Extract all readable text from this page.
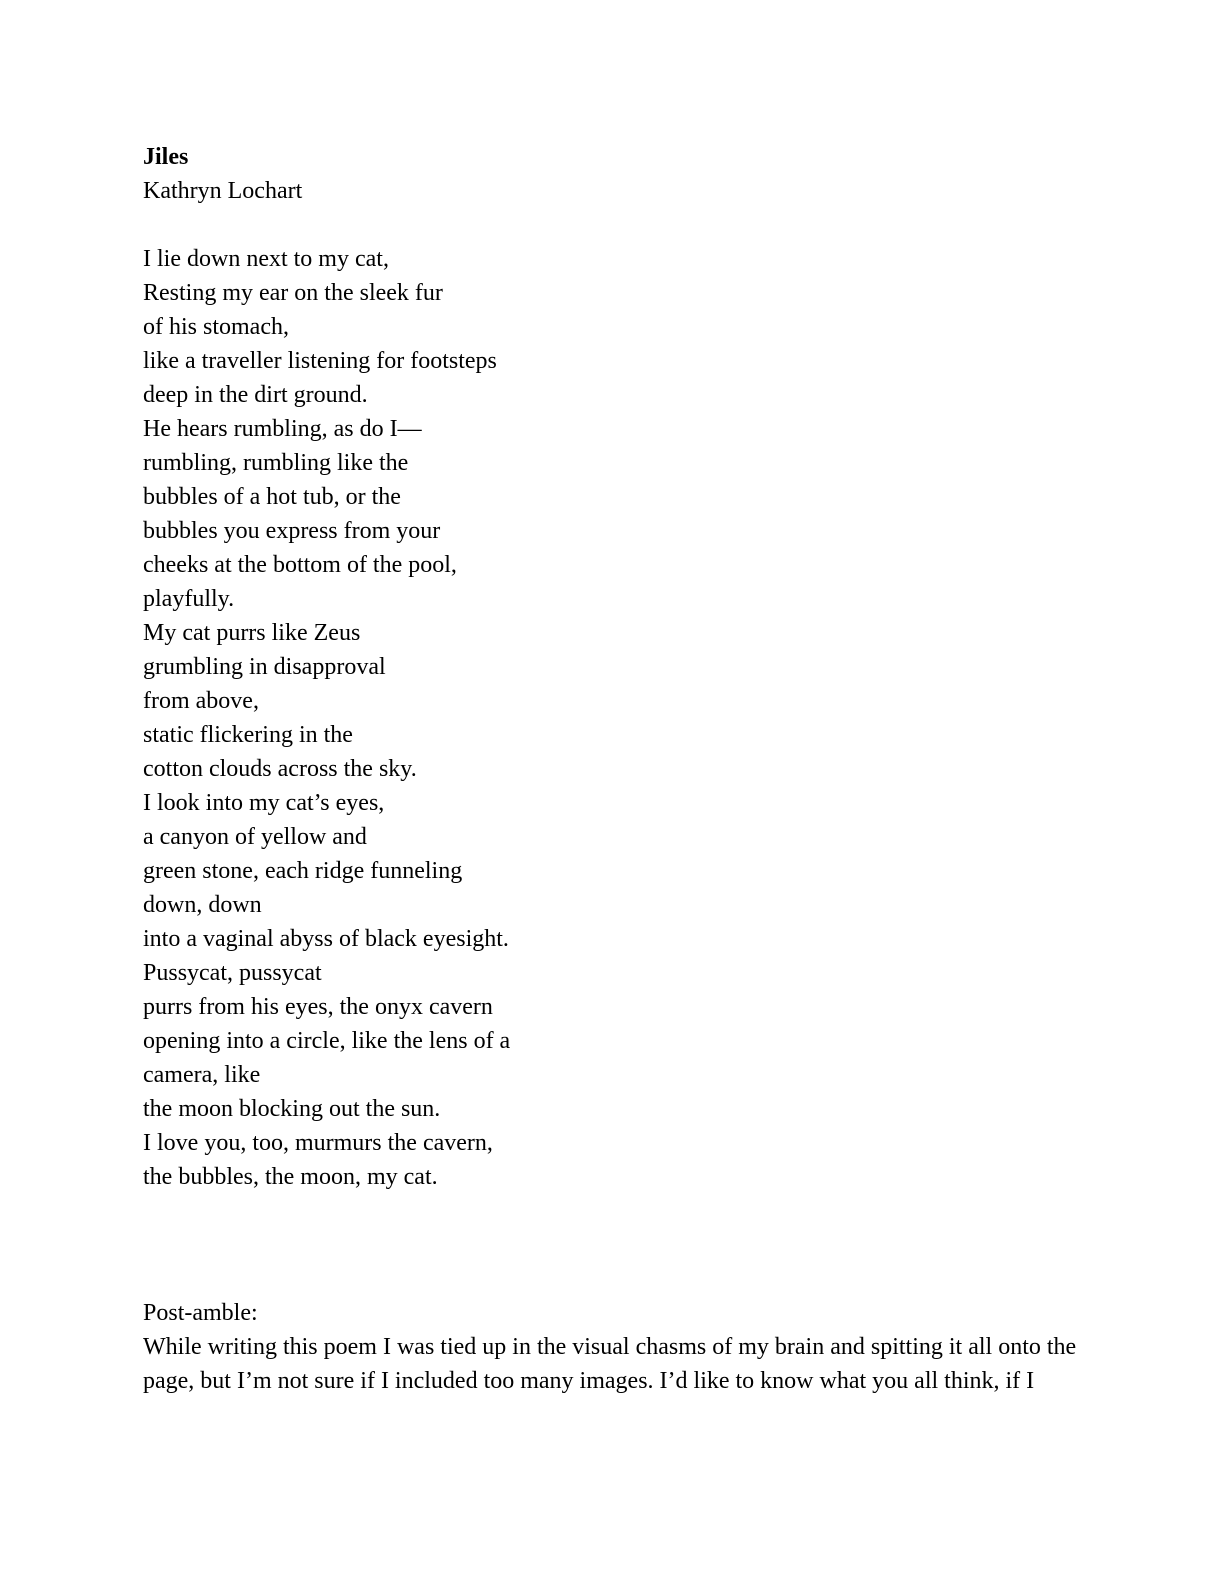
Jiles
Kathryn Lochart
I lie down next to my cat,
Resting my ear on the sleek fur
of his stomach,
like a traveller listening for footsteps
deep in the dirt ground.
He hears rumbling, as do I—
rumbling, rumbling like the
bubbles of a hot tub, or the
bubbles you express from your
cheeks at the bottom of the pool,
playfully.
My cat purrs like Zeus
grumbling in disapproval
from above,
static flickering in the
cotton clouds across the sky.
I look into my cat’s eyes,
a canyon of yellow and
green stone, each ridge funneling
down, down
into a vaginal abyss of black eyesight.
Pussycat, pussycat
purrs from his eyes, the onyx cavern
opening into a circle, like the lens of a
camera, like
the moon blocking out the sun.
I love you, too, murmurs the cavern,
the bubbles, the moon, my cat.
Post-amble:
While writing this poem I was tied up in the visual chasms of my brain and spitting it all onto the page, but I’m not sure if I included too many images. I’d like to know what you all think, if I
